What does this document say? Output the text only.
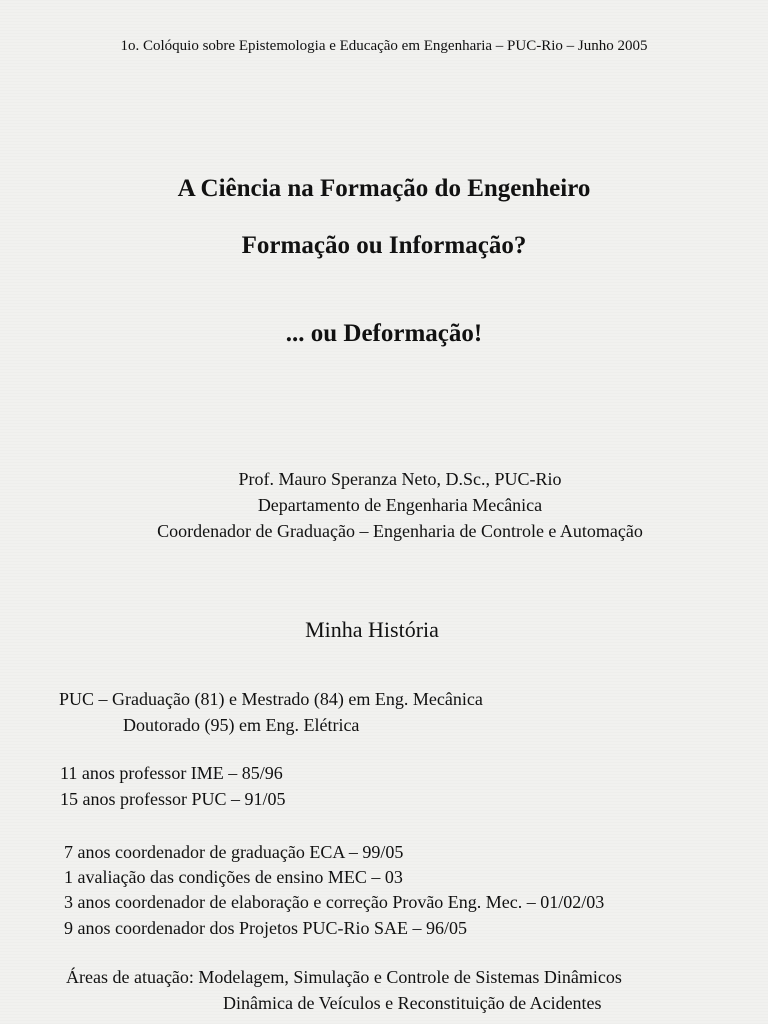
1o. Colóquio sobre Epistemologia e Educação em Engenharia – PUC-Rio – Junho 2005
A Ciência na Formação do Engenheiro
Formação ou Informação?
... ou Deformação!
Prof. Mauro Speranza Neto, D.Sc., PUC-Rio
Departamento de Engenharia Mecânica
Coordenador de Graduação – Engenharia de Controle e Automação
Minha História
PUC – Graduação (81) e Mestrado (84) em Eng. Mecânica
Doutorado (95) em Eng. Elétrica
11 anos professor IME – 85/96
15 anos professor PUC – 91/05
7 anos coordenador de graduação ECA – 99/05
1 avaliação das condições de ensino MEC – 03
3 anos coordenador de elaboração e correção Provão Eng. Mec. – 01/02/03
9 anos coordenador dos Projetos PUC-Rio SAE – 96/05
Áreas de atuação: Modelagem, Simulação e Controle de Sistemas Dinâmicos
Dinâmica de Veículos e Reconstituição de Acidentes
